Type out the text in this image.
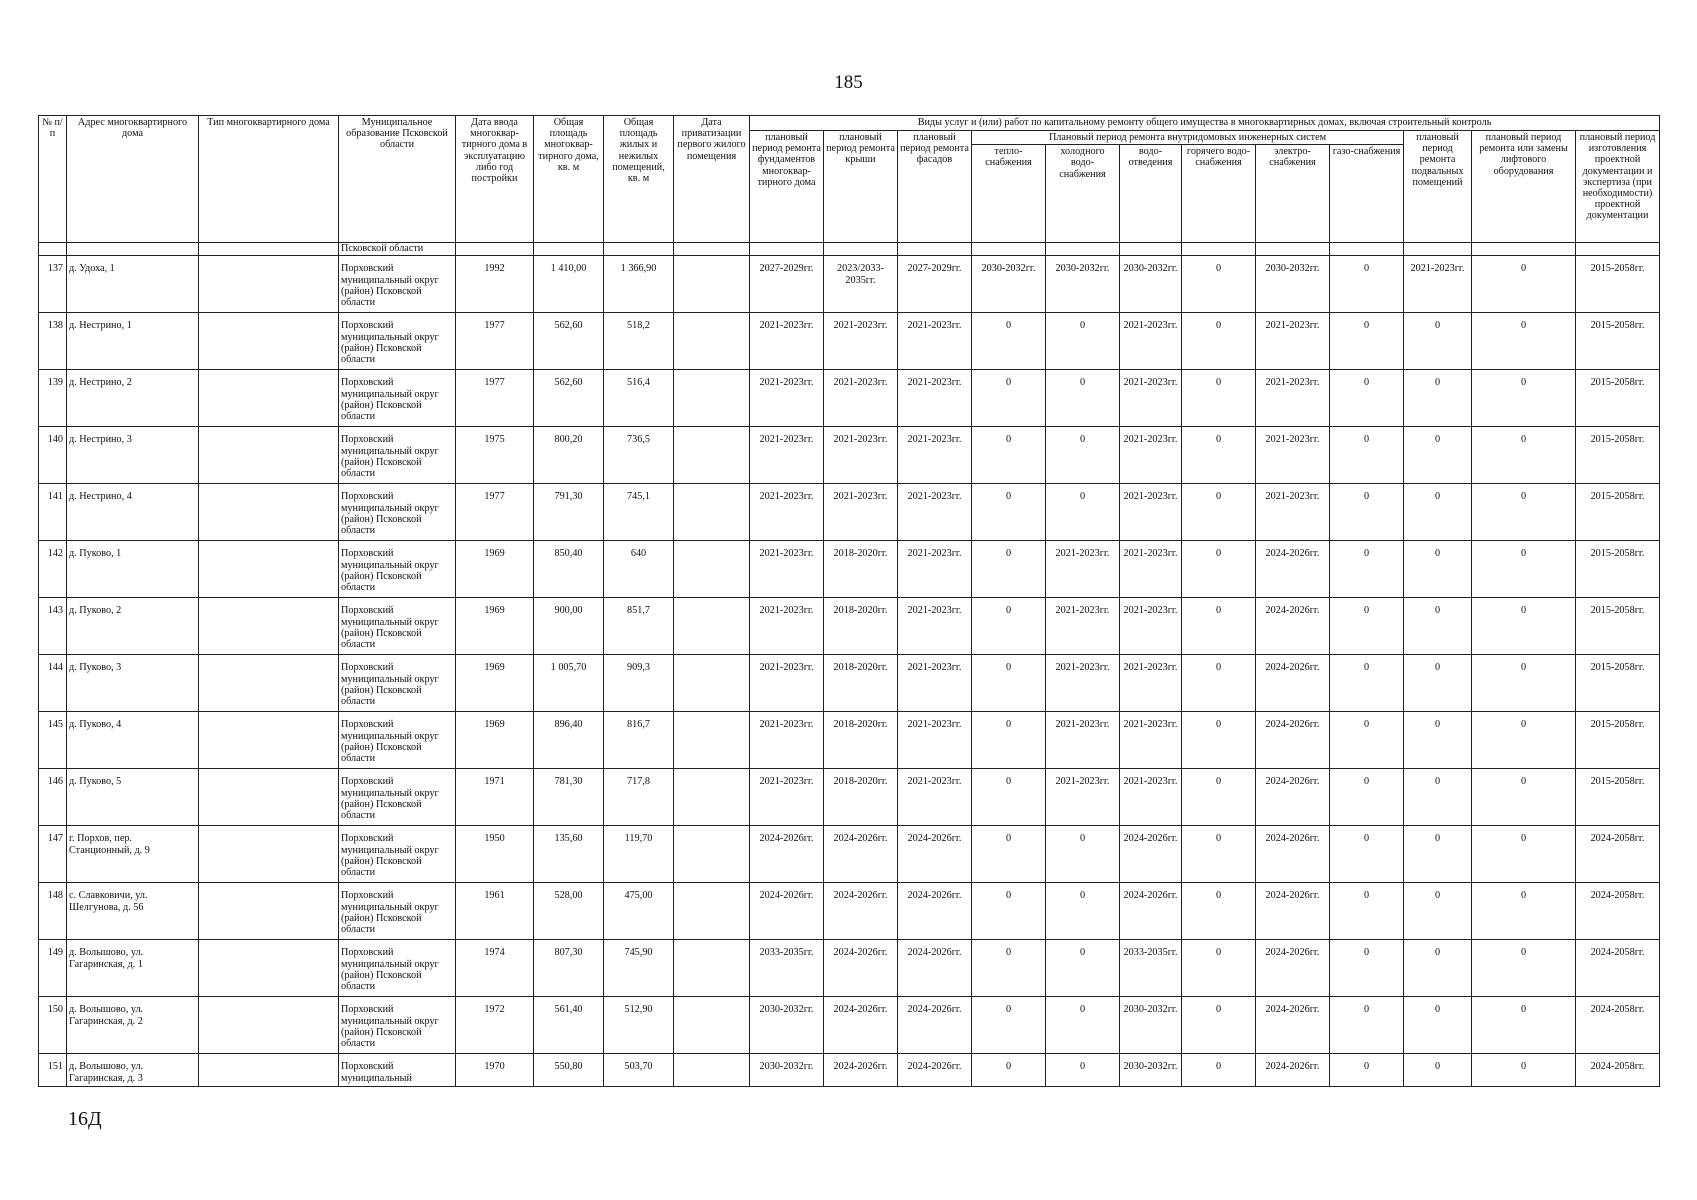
185
№ п/п	Адрес многоквартирного дома	Тип многоквартирного дома	Муниципальное образование Псковской области	Дата ввода многоквар-тирного дома в эксплуатацию либо год постройки	Общая площадь многоквар-тирного дома, кв. м	Общая площадь жилых и нежилых помещений, кв. м	Дата приватизации первого жилого помещения	Виды услуг и (или) работ по капитальному ремонту общего имущества в многоквартирных домах, включая строительный контроль											
								плановый период ремонта фундаментов многоквар-тирного дома	плановый период ремонта крыши	плановый период ремонта фасадов	Плановый период ремонта внутридомовых инженерных систем						плановый период ремонта подвальных помещений	плановый период ремонта или замены лифтового оборудования	плановый период изготовления проектной документации и экспертиза (при необходимости) проектной документации
											тепло-снабжения	холодного водо-снабжения	водо-отведения	горячего водо-снабжения	электро-снабжения	газо-снабжения			
			Псковской области																
137	д. Удоха, 1		Порховский муниципальный округ (район) Псковской области	1992	1 410,00	1 366,90		2027-2029гг.	2023/2033-2035гг.	2027-2029гг.	2030-2032гг.	2030-2032гг.	2030-2032гг.	0	2030-2032гг.	0	2021-2023гг.	0	2015-2058гг.
138	д. Нестрино, 1		Порховский муниципальный округ (район) Псковской области	1977	562,60	518,2		2021-2023гг.	2021-2023гг.	2021-2023гг.	0	0	2021-2023гг.	0	2021-2023гг.	0	0	0	2015-2058гг.
139	д. Нестрино, 2		Порховский муниципальный округ (район) Псковской области	1977	562,60	516,4		2021-2023гг.	2021-2023гг.	2021-2023гг.	0	0	2021-2023гг.	0	2021-2023гг.	0	0	0	2015-2058гг.
140	д. Нестрино, 3		Порховский муниципальный округ (район) Псковской области	1975	800,20	736,5		2021-2023гг.	2021-2023гг.	2021-2023гг.	0	0	2021-2023гг.	0	2021-2023гг.	0	0	0	2015-2058гг.
141	д. Нестрино, 4		Порховский муниципальный округ (район) Псковской области	1977	791,30	745,1		2021-2023гг.	2021-2023гг.	2021-2023гг.	0	0	2021-2023гг.	0	2021-2023гг.	0	0	0	2015-2058гг.
142	д. Пуково, 1		Порховский муниципальный округ (район) Псковской области	1969	850,40	640		2021-2023гг.	2018-2020гг.	2021-2023гг.	0	2021-2023гг.	2021-2023гг.	0	2024-2026гг.	0	0	0	2015-2058гг.
143	д. Пуково, 2		Порховский муниципальный округ (район) Псковской области	1969	900,00	851,7		2021-2023гг.	2018-2020гг.	2021-2023гг.	0	2021-2023гг.	2021-2023гг.	0	2024-2026гг.	0	0	0	2015-2058гг.
144	д. Пуково, 3		Порховский муниципальный округ (район) Псковской области	1969	1 005,70	909,3		2021-2023гг.	2018-2020гг.	2021-2023гг.	0	2021-2023гг.	2021-2023гг.	0	2024-2026гг.	0	0	0	2015-2058гг.
145	д. Пуково, 4		Порховский муниципальный округ (район) Псковской области	1969	896,40	816,7		2021-2023гг.	2018-2020гг.	2021-2023гг.	0	2021-2023гг.	2021-2023гг.	0	2024-2026гг.	0	0	0	2015-2058гг.
146	д. Пуково, 5		Порховский муниципальный округ (район) Псковской области	1971	781,30	717,8		2021-2023гг.	2018-2020гг.	2021-2023гг.	0	2021-2023гг.	2021-2023гг.	0	2024-2026гг.	0	0	0	2015-2058гг.
147	г. Порхов, пер. Станционный, д. 9		Порховский муниципальный округ (район) Псковской области	1950	135,60	119,70		2024-2026гг.	2024-2026гг.	2024-2026гг.	0	0	2024-2026гг.	0	2024-2026гг.	0	0	0	2024-2058гг.
148	с. Славковичи, ул. Шелгунова, д. 56		Порховский муниципальный округ (район) Псковской области	1961	528,00	475,00		2024-2026гг.	2024-2026гг.	2024-2026гг.	0	0	2024-2026гг.	0	2024-2026гг.	0	0	0	2024-2058гг.
149	д. Волышово, ул. Гагаринская, д. 1		Порховский муниципальный округ (район) Псковской области	1974	807,30	745,90		2033-2035гг.	2024-2026гг.	2024-2026гг.	0	0	2033-2035гг.	0	2024-2026гг.	0	0	0	2024-2058гг.
150	д. Волышово, ул. Гагаринская, д. 2		Порховский муниципальный округ (район) Псковской области	1972	561,40	512,90		2030-2032гг.	2024-2026гг.	2024-2026гг.	0	0	2030-2032гг.	0	2024-2026гг.	0	0	0	2024-2058гг.
151	д. Волышово, ул. Гагаринская, д. 3		Порховский муниципальный	1970	550,80	503,70		2030-2032гг.	2024-2026гг.	2024-2026гг.	0	0	2030-2032гг.	0	2024-2026гг.	0	0	0	2024-2058гг.
16Д
